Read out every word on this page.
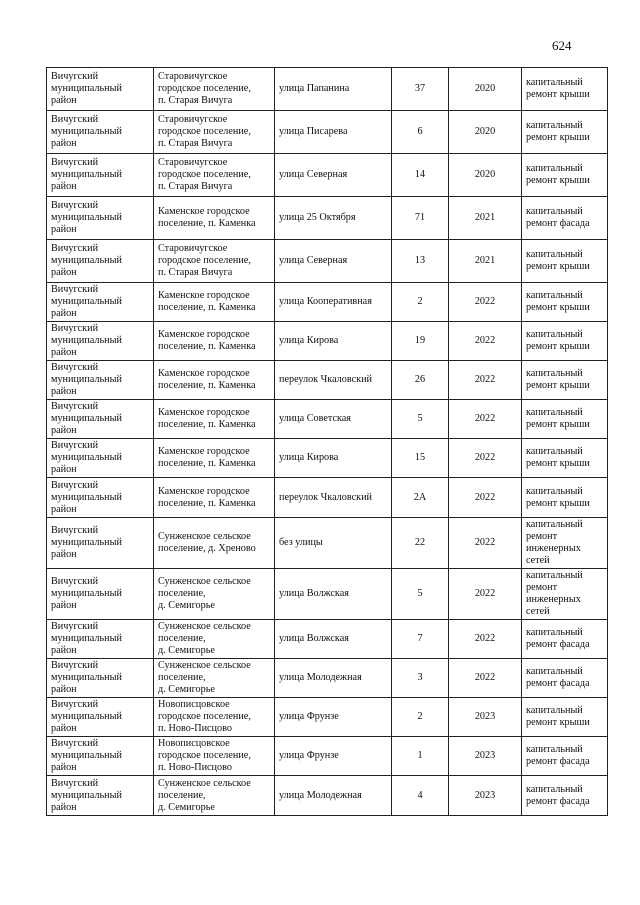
624
Вичугский
муниципальный
район	Старовичугское
городское поселение,
п. Старая Вичуга	улица Папанина	37	2020	капитальный
ремонт крыши

Вичугский
муниципальный
район	Старовичугское
городское поселение,
п. Старая Вичуга	улица Писарева	6	2020	капитальный
ремонт крыши

Вичугский
муниципальный
район	Старовичугское
городское поселение,
п. Старая Вичуга	улица Северная	14	2020	капитальный
ремонт крыши

Вичугский
муниципальный
район	Каменское городское
поселение, п. Каменка	улица 25 Октября	71	2021	капитальный
ремонт фасада

Вичугский
муниципальный
район	Старовичугское
городское поселение,
п. Старая Вичуга	улица Северная	13	2021	капитальный
ремонт крыши

Вичугский
муниципальный
район	Каменское городское
поселение, п. Каменка	улица Кооперативная	2	2022	капитальный
ремонт крыши

Вичугский
муниципальный
район	Каменское городское
поселение, п. Каменка	улица Кирова	19	2022	капитальный
ремонт крыши

Вичугский
муниципальный
район	Каменское городское
поселение, п. Каменка	переулок Чкаловский	26	2022	капитальный
ремонт крыши

Вичугский
муниципальный
район	Каменское городское
поселение, п. Каменка	улица Советская	5	2022	капитальный
ремонт крыши

Вичугский
муниципальный
район	Каменское городское
поселение, п. Каменка	улица Кирова	15	2022	капитальный
ремонт крыши

Вичугский
муниципальный
район	Каменское городское
поселение, п. Каменка	переулок Чкаловский	2А	2022	капитальный
ремонт крыши

Вичугский
муниципальный
район	Сунженское сельское
поселение, д. Хреново	без улицы	22	2022	капитальный
ремонт
инженерных
сетей

Вичугский
муниципальный
район	Сунженское сельское
поселение,
д. Семигорье	улица Волжская	5	2022	капитальный
ремонт
инженерных
сетей

Вичугский
муниципальный
район	Сунженское сельское
поселение,
д. Семигорье	улица Волжская	7	2022	капитальный
ремонт фасада

Вичугский
муниципальный
район	Сунженское сельское
поселение,
д. Семигорье	улица Молодежная	3	2022	капитальный
ремонт фасада

Вичугский
муниципальный
район	Новописцовское
городское поселение,
п. Ново-Писцово	улица Фрунзе	2	2023	капитальный
ремонт крыши

Вичугский
муниципальный
район	Новописцовское
городское поселение,
п. Ново-Писцово	улица Фрунзе	1	2023	капитальный
ремонт фасада

Вичугский
муниципальный
район	Сунженское сельское
поселение,
д. Семигорье	улица Молодежная	4	2023	капитальный
ремонт фасада
